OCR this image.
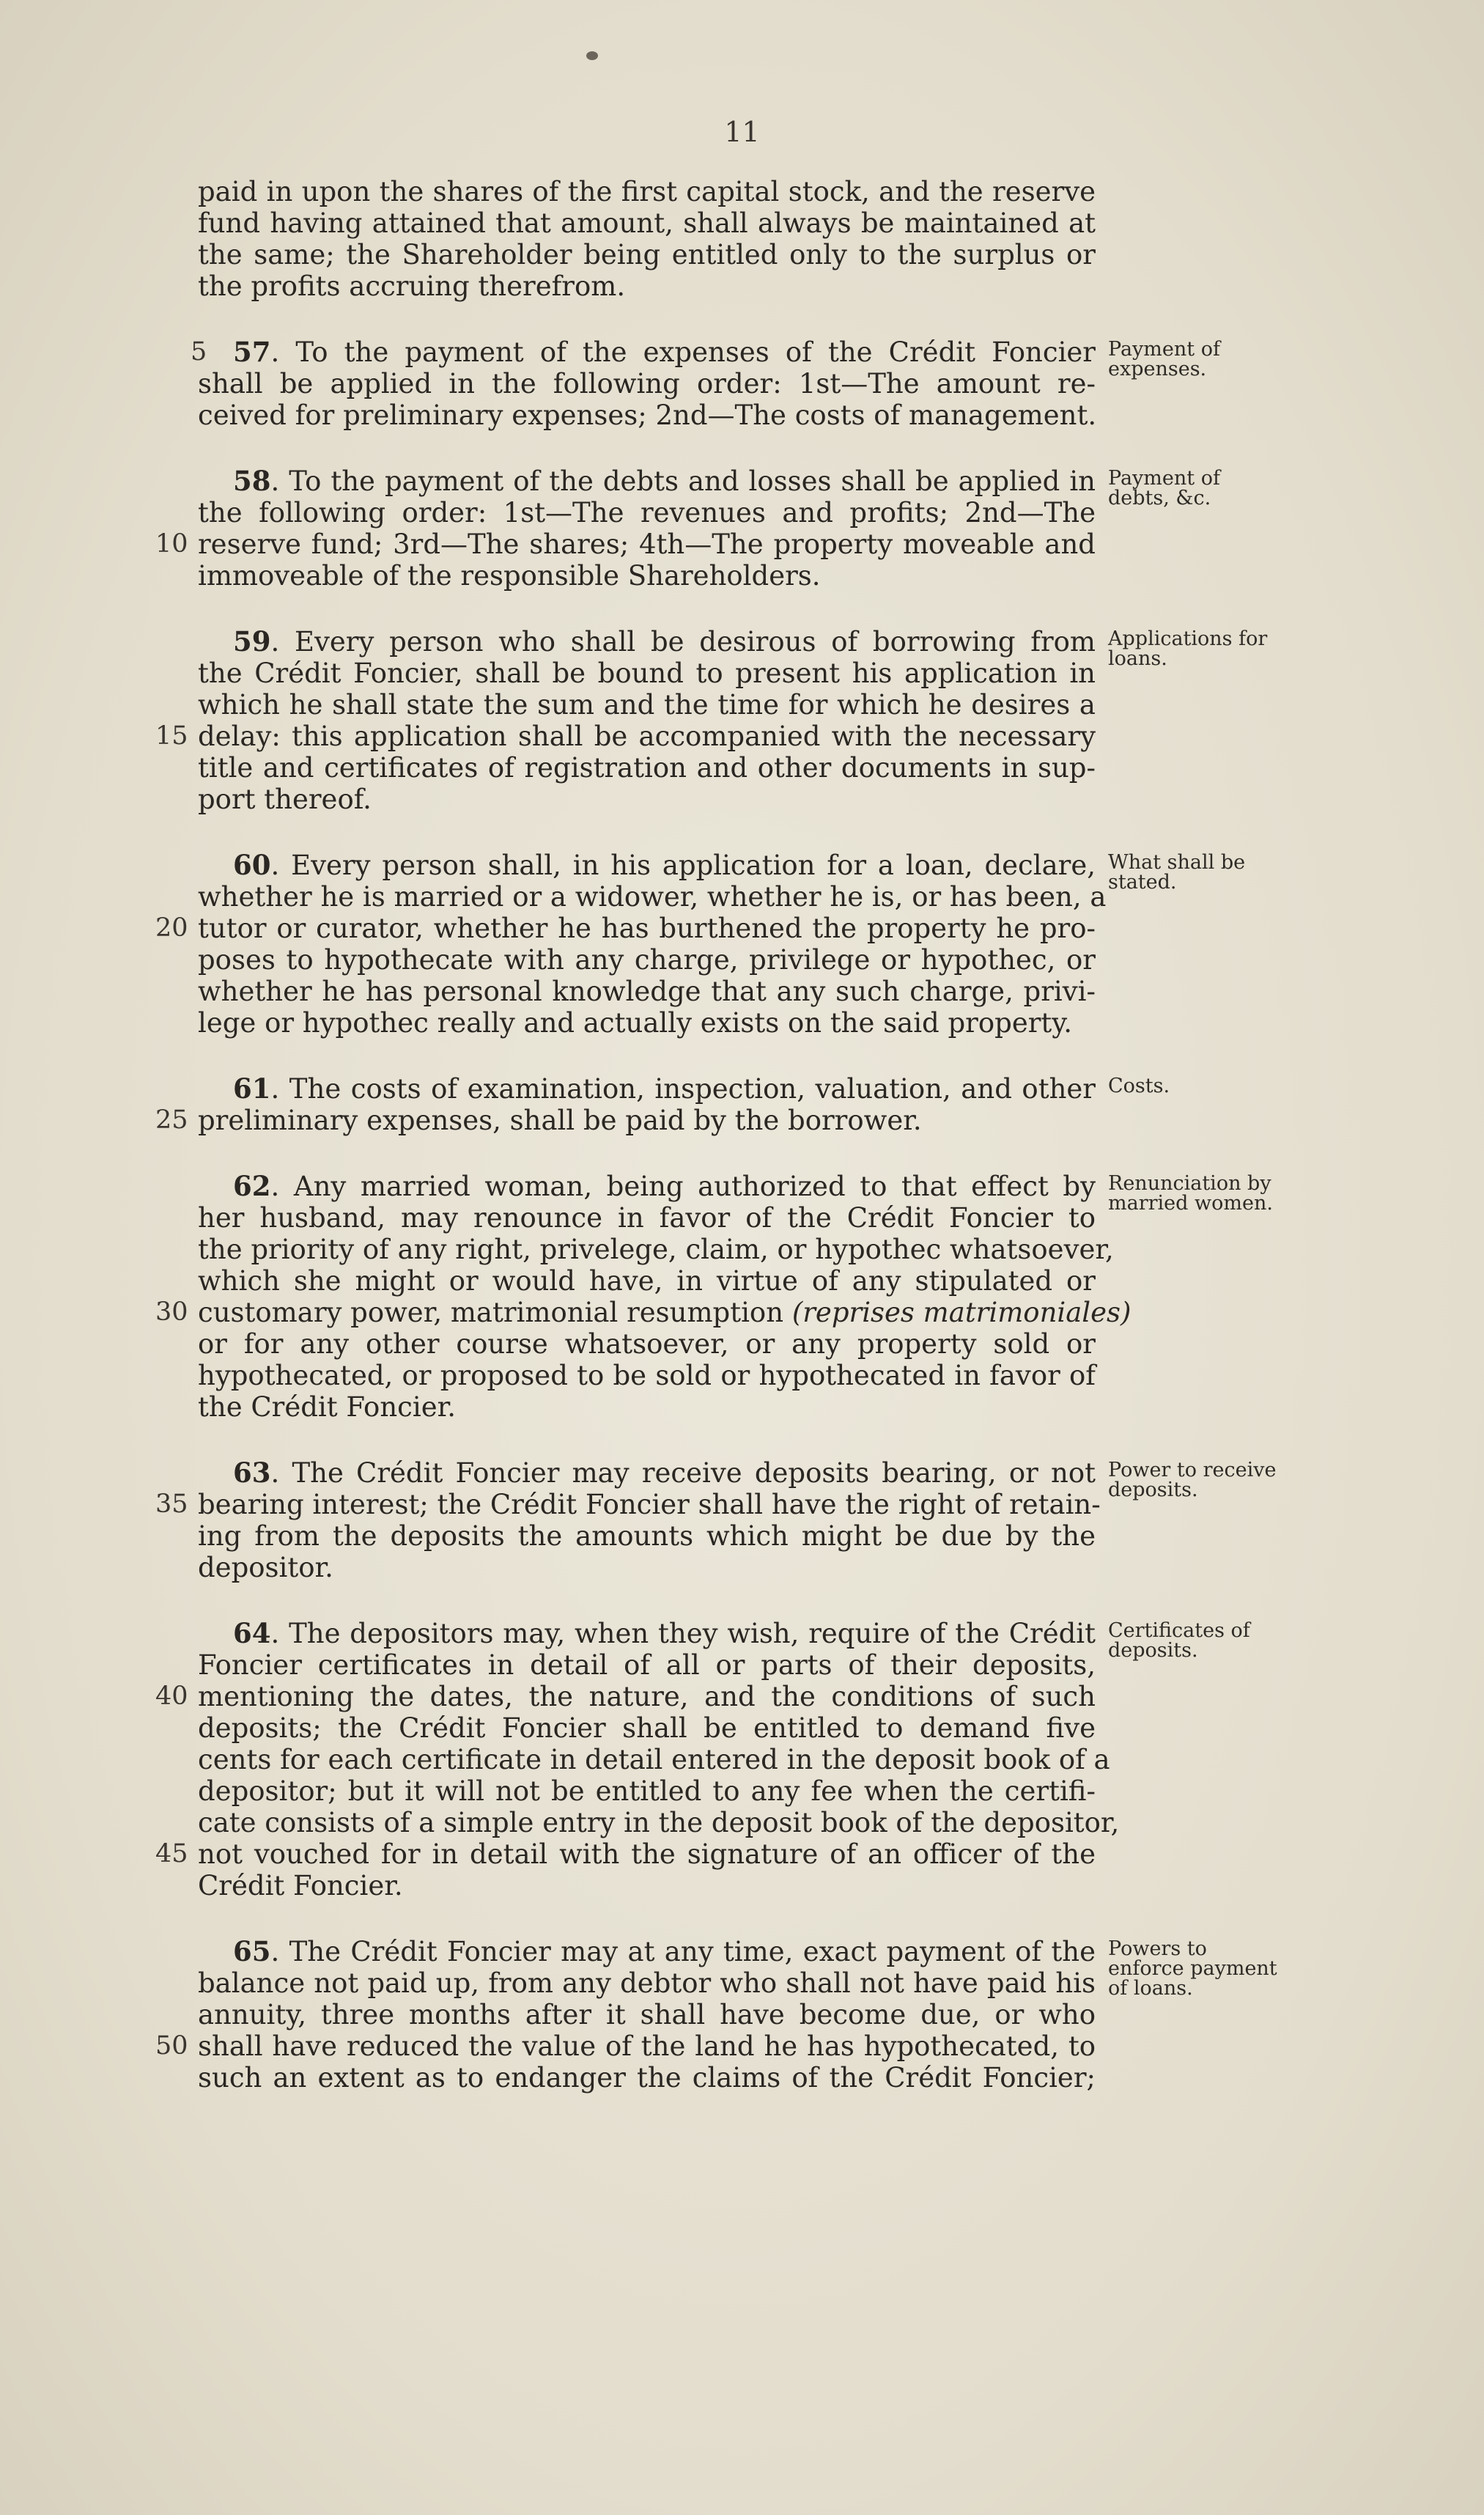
11
paid in upon the shares of the first capital stock, and the reserve
fund having attained that amount, shall always be maintained at
the same; the Shareholder being entitled only to the surplus or
the profits accruing therefrom.
5 57. To the payment of the expenses of the Crédit Foncier
shall be applied in the following order: 1st—The amount re-
ceived for preliminary expenses; 2nd—The costs of management.
58. To the payment of the debts and losses shall be applied in
the following order: 1st—The revenues and profits; 2nd—The
10 reserve fund; 3rd—The shares; 4th—The property moveable and
immoveable of the responsible Shareholders.
59. Every person who shall be desirous of borrowing from
the Crédit Foncier, shall be bound to present his application in
which he shall state the sum and the time for which he desires a
15 delay: this application shall be accompanied with the necessary
title and certificates of registration and other documents in sup-
port thereof.
60. Every person shall, in his application for a loan, declare,
whether he is married or a widower, whether he is, or has been, a
20 tutor or curator, whether he has burthened the property he pro-
poses to hypothecate with any charge, privilege or hypothec, or
whether he has personal knowledge that any such charge, privi-
lege or hypothec really and actually exists on the said property.
61. The costs of examination, inspection, valuation, and other
25 preliminary expenses, shall be paid by the borrower.
62. Any married woman, being authorized to that effect by
her husband, may renounce in favor of the Crédit Foncier to
the priority of any right, privelege, claim, or hypothec whatsoever,
which she might or would have, in virtue of any stipulated or
30 customary power, matrimonial resumption (reprises matrimoniales)
or for any other course whatsoever, or any property sold or
hypothecated, or proposed to be sold or hypothecated in favor of
the Crédit Foncier.
63. The Crédit Foncier may receive deposits bearing, or not
35 bearing interest; the Crédit Foncier shall have the right of retain-
ing from the deposits the amounts which might be due by the
depositor.
64. The depositors may, when they wish, require of the Crédit
Foncier certificates in detail of all or parts of their deposits,
40 mentioning the dates, the nature, and the conditions of such
deposits; the Crédit Foncier shall be entitled to demand five
cents for each certificate in detail entered in the deposit book of a
depositor; but it will not be entitled to any fee when the certifi-
cate consists of a simple entry in the deposit book of the depositor,
45 not vouched for in detail with the signature of an officer of the
Crédit Foncier.
65. The Crédit Foncier may at any time, exact payment of the
balance not paid up, from any debtor who shall not have paid his
annuity, three months after it shall have become due, or who
50 shall have reduced the value of the land he has hypothecated, to
such an extent as to endanger the claims of the Crédit Foncier;
Payment of expenses.
Payment of debts, &c.
Applications for loans.
What shall be stated.
Costs.
Renunciation by married women.
Power to receive deposits.
Certificates of deposits.
Powers to enforce payment of loans.
